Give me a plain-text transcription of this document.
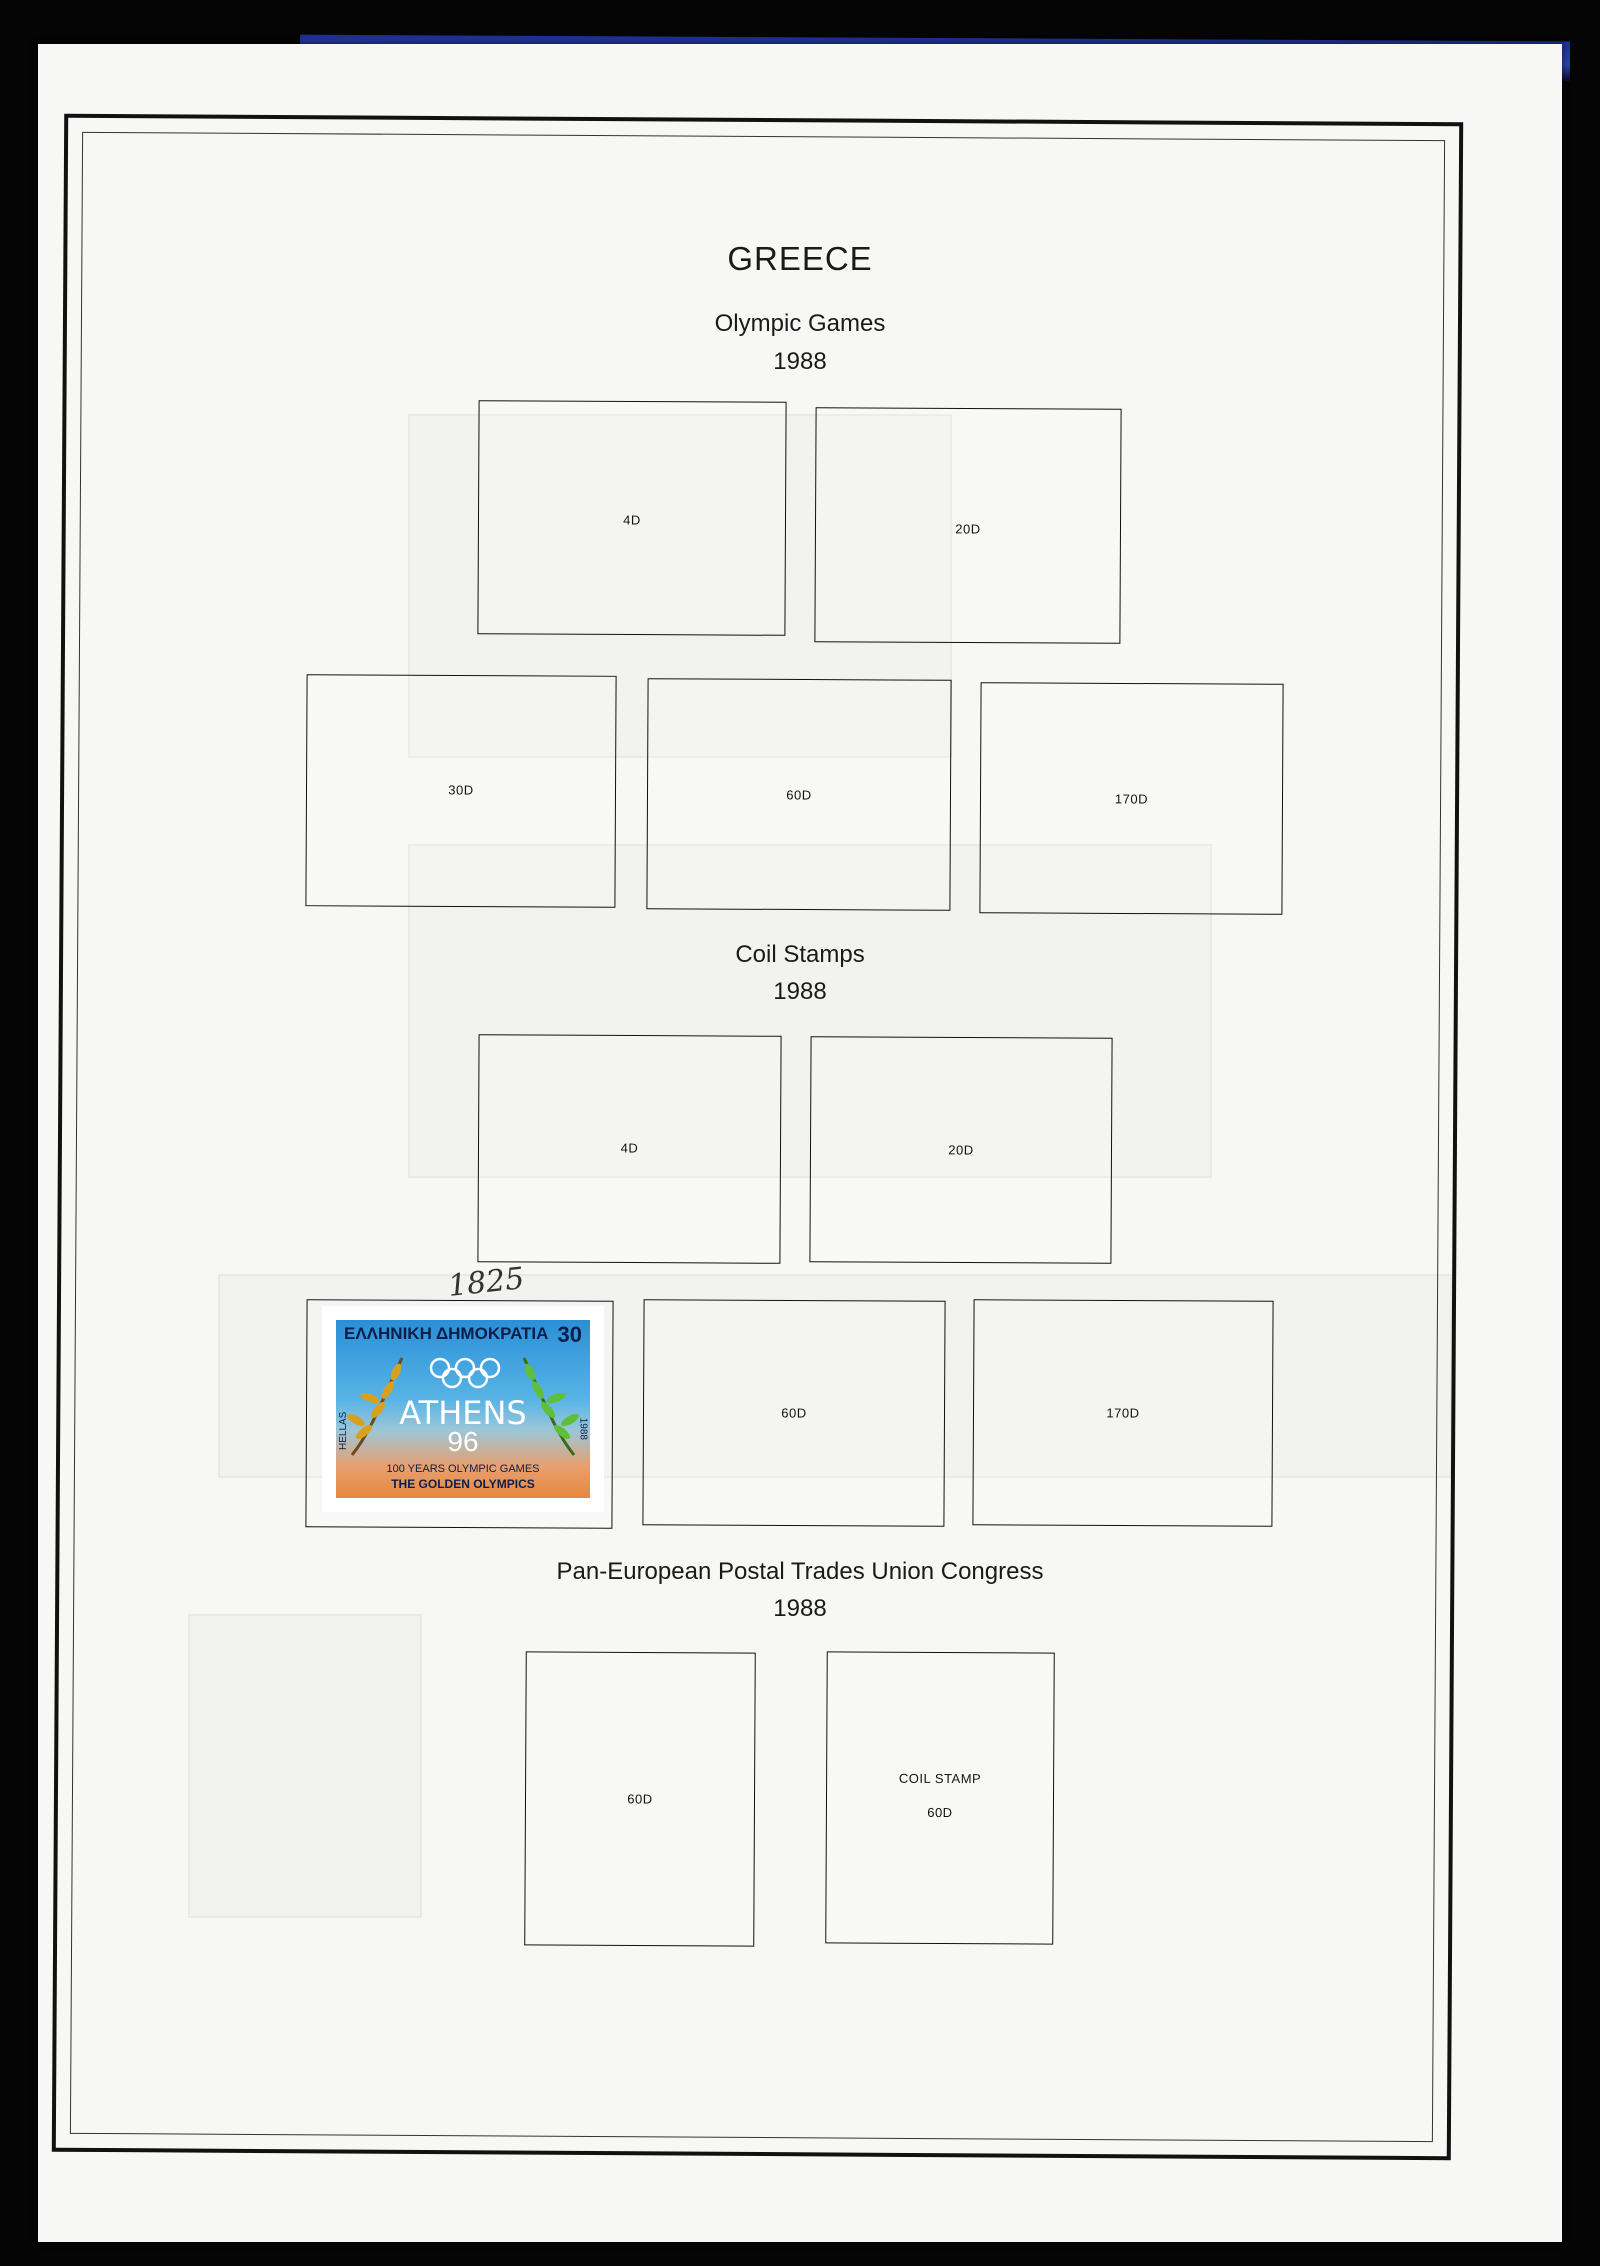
GREECE
Olympic Games
1988
4D
20D
30D	60D	170D
Coil Stamps
1988
4D	20D
1825
ΕΛΛΗΝΙΚΗ ΔΗΜΟΚΡΑΤΙΑ 30
ATHENS
96
100 YEARS OLYMPIC GAMES
THE GOLDEN OLYMPICS
HELLAS	1988
60D	170D
Pan-European Postal Trades Union Congress
1988
60D
COIL STAMP
60D
